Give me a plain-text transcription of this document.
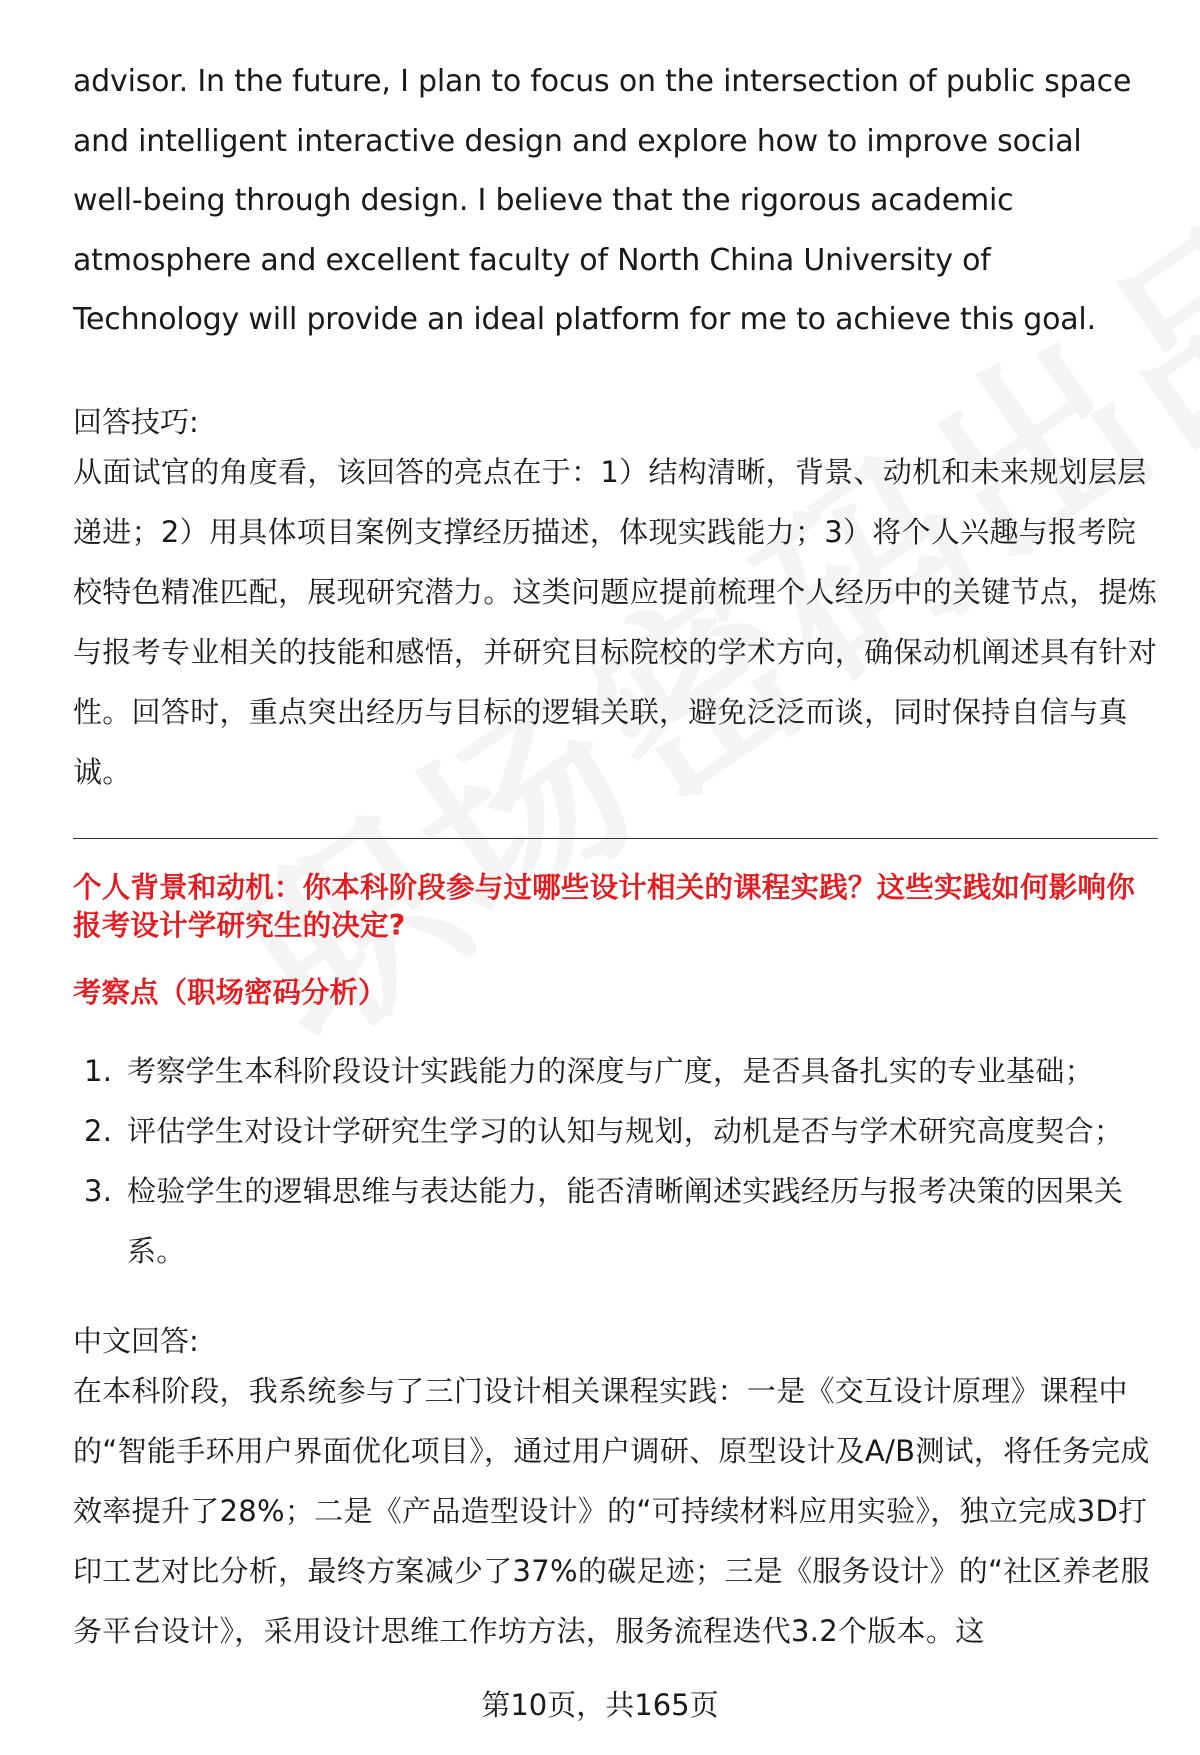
advisor. In the future, I plan to focus on the intersection of public space and intelligent interactive design and explore how to improve social well-being through design. I believe that the rigorous academic atmosphere and excellent faculty of North China University of Technology will provide an ideal platform for me to achieve this goal.

回答技巧:

从面试官的角度看，该回答的亮点在于：1）结构清晰，背景、动机和未来规划层层递进；2）用具体项目案例支撑经历描述，体现实践能力；3）将个人兴趣与报考院校特色精准匹配，展现研究潜力。这类问题应提前梳理个人经历中的关键节点，提炼与报考专业相关的技能和感悟，并研究目标院校的学术方向，确保动机阐述具有针对性。回答时，重点突出经历与目标的逻辑关联，避免泛泛而谈，同时保持自信与真诚。

个人背景和动机：你本科阶段参与过哪些设计相关的课程实践？这些实践如何影响你报考设计学研究生的决定?
考察点（职场密码分析）
1. 考察学生本科阶段设计实践能力的深度与广度，是否具备扎实的专业基础；
2. 评估学生对设计学研究生学习的认知与规划，动机是否与学术研究高度契合；
3. 检验学生的逻辑思维与表达能力，能否清晰阐述实践经历与报考决策的因果关系。
中文回答:

在本科阶段，我系统参与了三门设计相关课程实践：一是《交互设计原理》课程中的“智能手环用户界面优化项目》，通过用户调研、原型设计及A/B测试，将任务完成效率提升了28%；二是《产品造型设计》的“可持续材料应用实验》，独立完成3D打印工艺对比分析，最终方案减少了37%的碳足迹；三是《服务设计》的“社区养老服务平台设计》，采用设计思维工作坊方法，服务流程迭代3.2个版本。这

第10页，共165页
